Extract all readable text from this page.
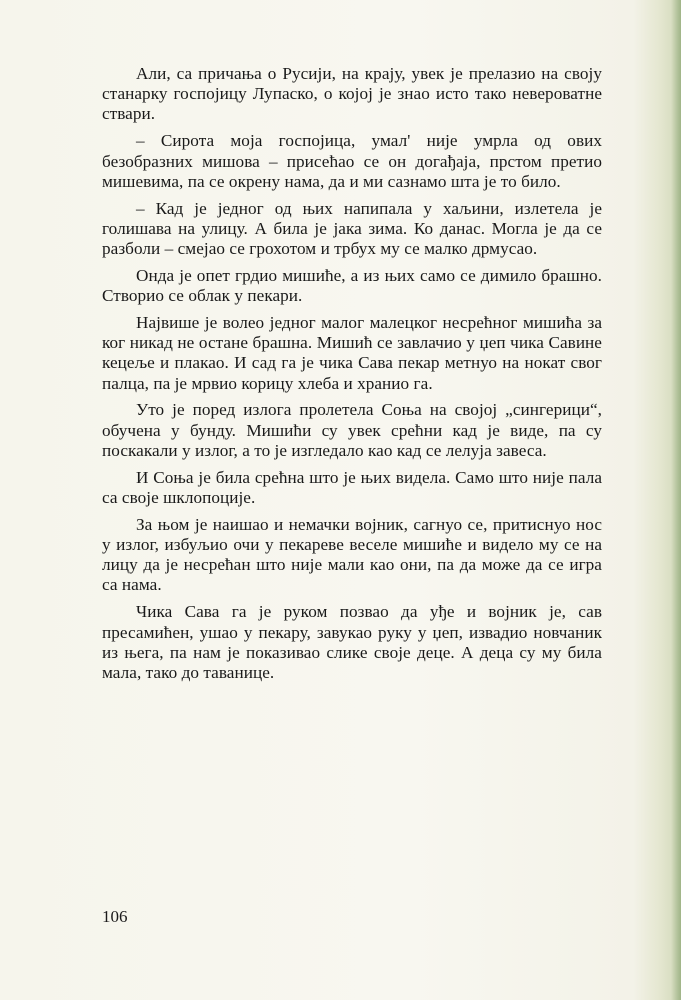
Али, са причања о Русији, на крају, увек је прелазио на своју станарку госпојицу Лупаско, о којој је знао исто тако невероватне ствари.

– Сирота моја госпојица, умал' није умрла од ових безобразних мишова – присећао се он догађаја, прстом претио мишевима, па се окрену нама, да и ми сазнамо шта је то било.

– Кад је једног од њих напипала у хаљини, излетела је голишава на улицу. А била је јака зима. Ко данас. Могла је да се разболи – смејао се грохотом и трбух му се малко дрмусао.

Онда је опет грдио мишиће, а из њих само се димило брашно. Створио се облак у пекари.

Највише је волео једног малог малецког несрећног мишића за ког никад не остане брашна. Мишић се завлачио у џеп чика Савине кецеље и плакао. И сад га је чика Сава пекар метнуо на нокат свог палца, па је мрвио корицу хлеба и хранио га.

Уто је поред излога пролетела Соња на својој „сингерици“, обучена у бунду. Мишићи су увек срећни кад је виде, па су поскакали у излог, а то је изгледало као кад се лелуја завеса.

И Соња је била срећна што је њих видела. Само што није пала са своје шклопоције.

За њом је наишао и немачки војник, сагнуо се, притиснуо нос у излог, избуљио очи у пекареве веселе мишиће и видело му се на лицу да је несрећан што није мали као они, па да може да се игра са нама.

Чика Сава га је руком позвао да уђе и војник је, сав пресамићен, ушао у пекару, завукао руку у џеп, извадио новчаник из њега, па нам је показивао слике своје деце. А деца су му била мала, тако до таванице.

106
